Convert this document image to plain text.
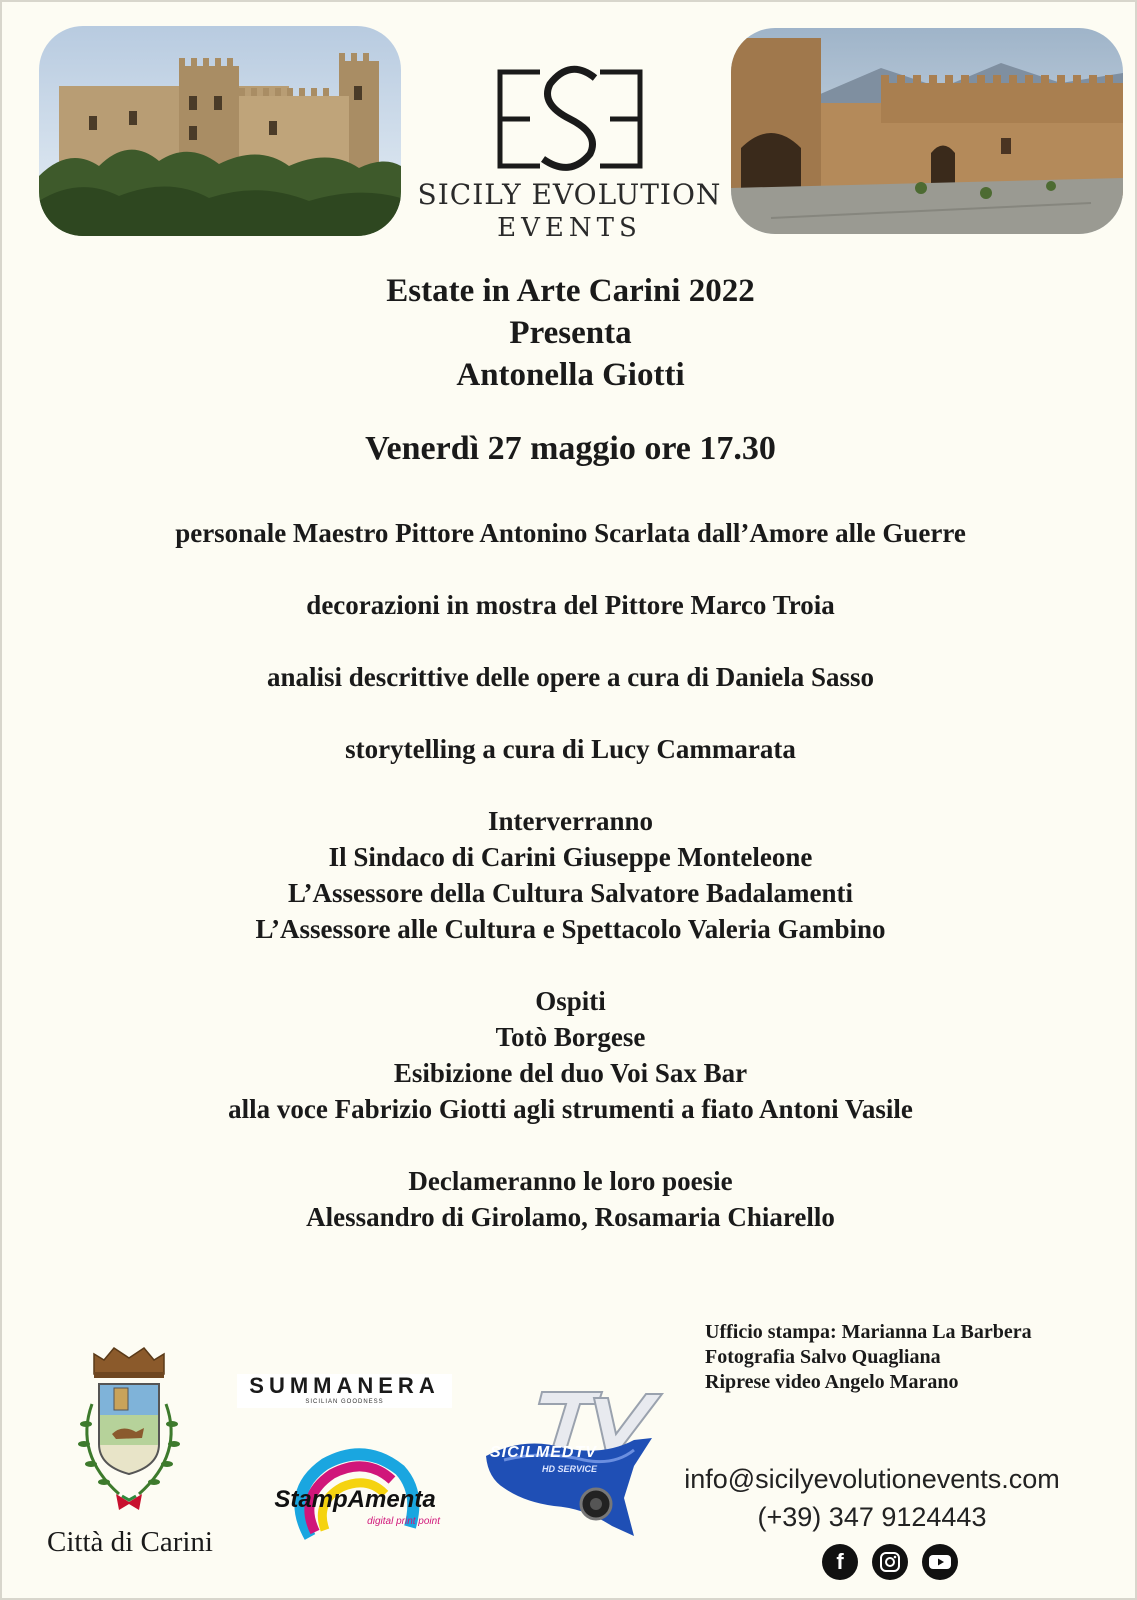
SICILY EVOLUTION
EVENTS
Estate in Arte Carini 2022
Presenta
Antonella Giotti
Venerdì 27 maggio ore 17.30
personale Maestro Pittore Antonino Scarlata dall’Amore alle Guerre
decorazioni in mostra del Pittore Marco Troia
analisi descrittive delle opere a cura di Daniela Sasso
storytelling a cura di Lucy Cammarata
Interverranno
Il Sindaco di Carini Giuseppe Monteleone
L’Assessore della Cultura Salvatore Badalamenti
L’Assessore alle Cultura e Spettacolo Valeria Gambino
Ospiti
Totò Borgese
Esibizione del duo Voi Sax Bar
alla voce Fabrizio Giotti agli strumenti a fiato Antoni Vasile
Declameranno le loro poesie
Alessandro di Girolamo, Rosamaria Chiarello
Ufficio stampa: Marianna La Barbera
Fotografia Salvo Quagliana
Riprese video Angelo Marano
Città di Carini
SUMMANERA
SICILIAN GOODNESS
StampAmenta
digital print point
SICILMEDTV
HD SERVICE	info@sicilyevolutionevents.com
(+39) 347 9124443
f
